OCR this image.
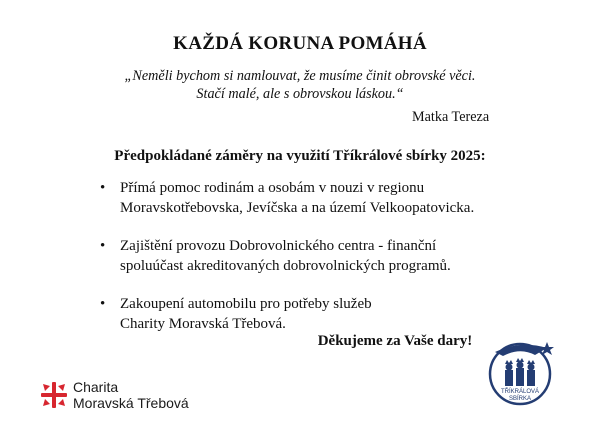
KAŽDÁ KORUNA POMÁHÁ
„Neměli bychom si namlouvat, že musíme činit obrovské věci.
Stačí malé, ale s obrovskou láskou.“
Matka Tereza
Předpokládané záměry na využití Tříkrálové sbírky 2025:
• Přímá pomoc rodinám a osobám v nouzi v regionu
Moravskotřebovska, Jevíčska a na území Velkoopatovicka.
• Zajištění provozu Dobrovolnického centra - finanční
spoluúčast akreditovaných dobrovolnických programů.
• Zakoupení automobilu pro potřeby služeb
Charity Moravská Třebová.
Děkujeme za Vaše dary!
Charita
Moravská Třebová
TŘÍKRÁLOVÁ
SBÍRKA
